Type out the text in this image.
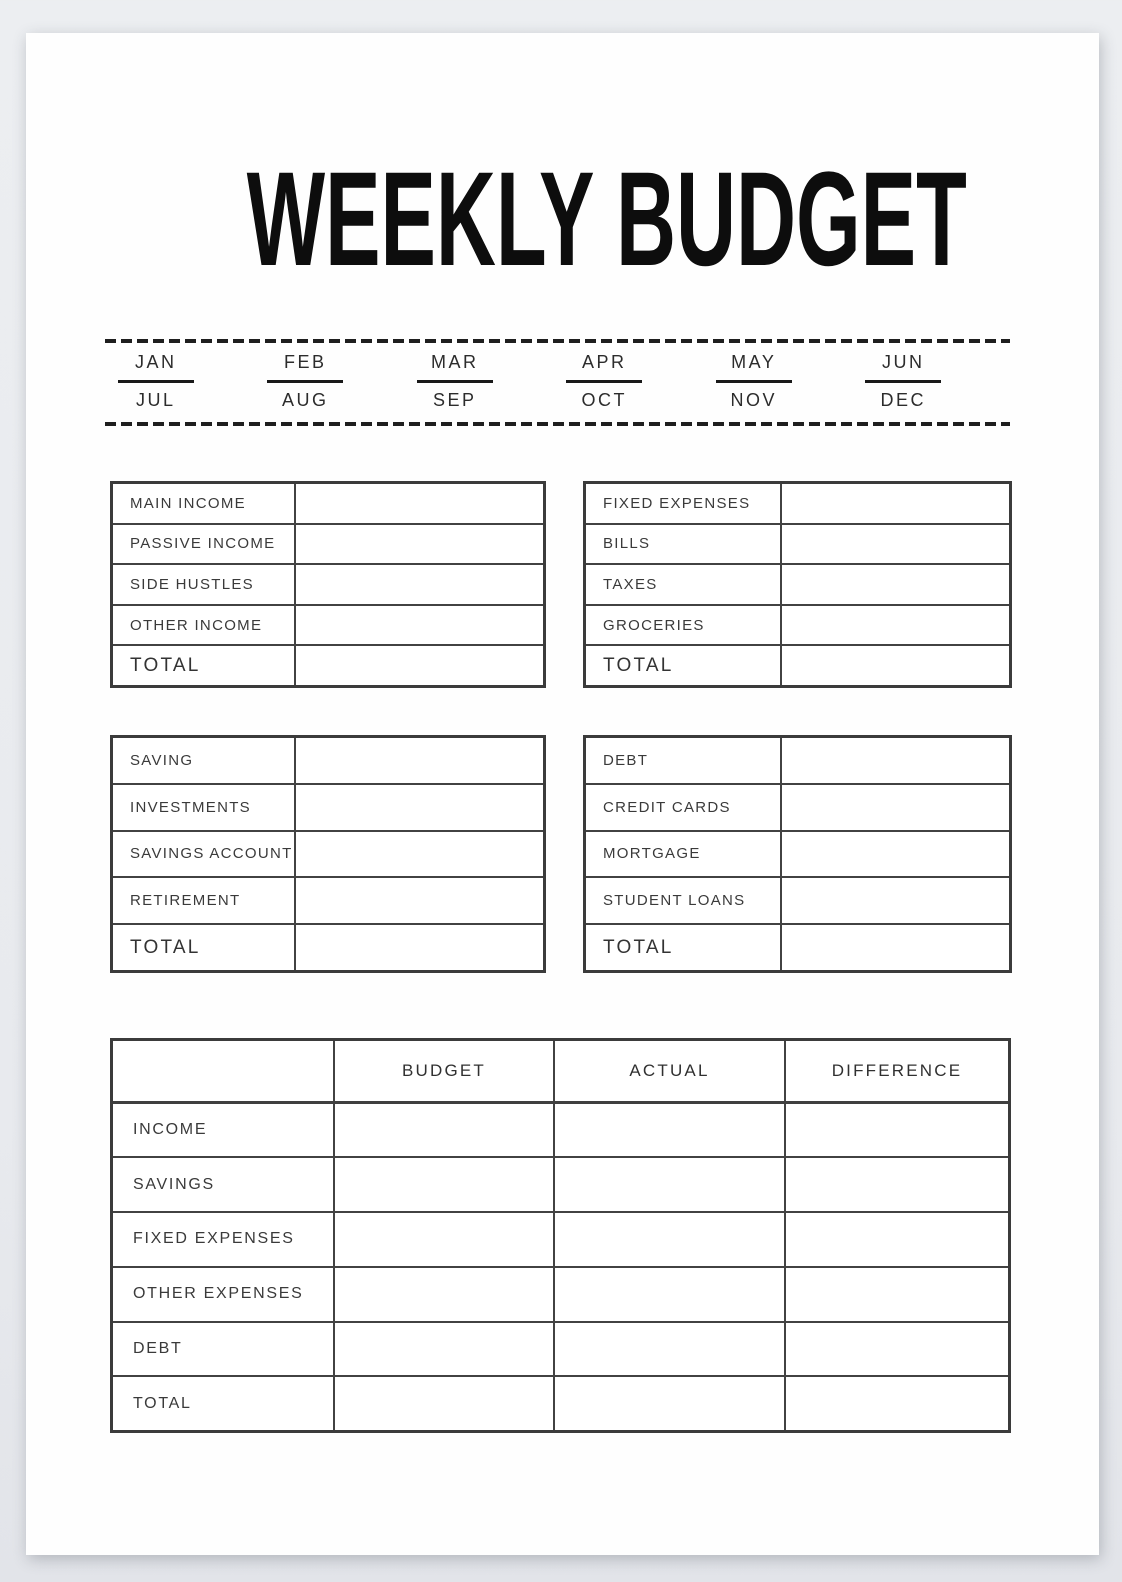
WEEKLY BUDGET
JAN
JUL
FEB
AUG
MAR
SEP
APR
OCT
MAY
NOV
JUN
DEC
MAIN INCOME
PASSIVE INCOME
SIDE HUSTLES
OTHER INCOME
TOTAL
FIXED EXPENSES
BILLS
TAXES
GROCERIES
TOTAL
SAVING
INVESTMENTS
SAVINGS ACCOUNT
RETIREMENT
TOTAL
DEBT
CREDIT CARDS
MORTGAGE
STUDENT LOANS
TOTAL
BUDGET	ACTUAL	DIFFERENCE
INCOME
SAVINGS
FIXED EXPENSES
OTHER EXPENSES
DEBT
TOTAL
